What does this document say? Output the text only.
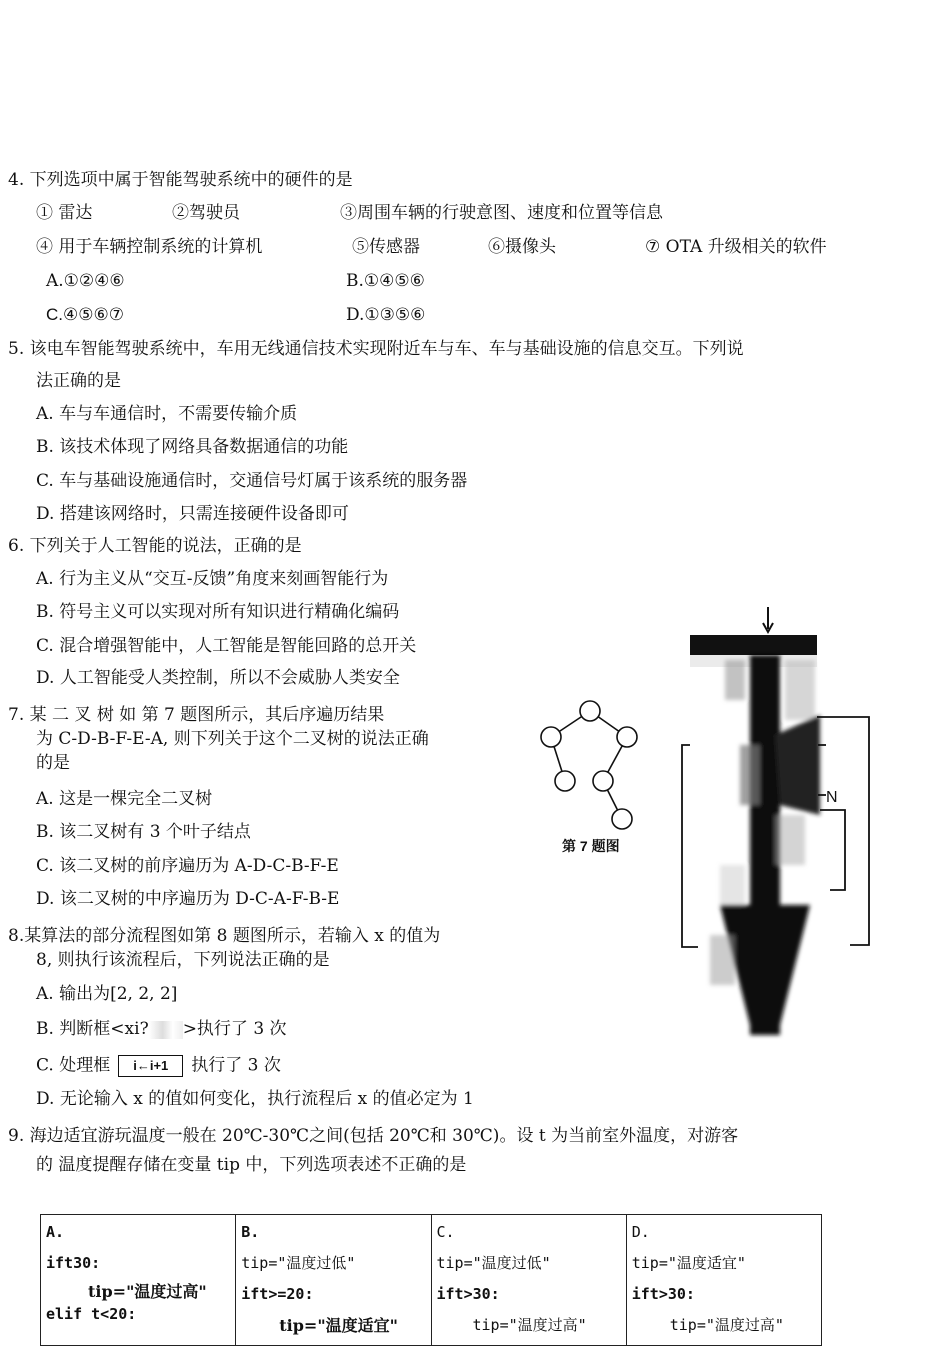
4. 下列选项中属于智能驾驶系统中的硬件的是
① 雷达	②驾驶员	③周围车辆的行驶意图、速度和位置等信息
④ 用于车辆控制系统的计算机	⑤传感器	⑥摄像头	⑦ OTA 升级相关的软件
A.①②④⑥	B.①④⑤⑥
C.④⑤⑥⑦	D.①③⑤⑥
5. 该电车智能驾驶系统中，车用无线通信技术实现附近车与车、车与基础设施的信息交互。下列说
法正确的是
A. 车与车通信时，不需要传输介质
B. 该技术体现了网络具备数据通信的功能
C. 车与基础设施通信时，交通信号灯属于该系统的服务器
D. 搭建该网络时，只需连接硬件设备即可
6. 下列关于人工智能的说法，正确的是
A. 行为主义从“交互-反馈”角度来刻画智能行为
B. 符号主义可以实现对所有知识进行精确化编码
C. 混合增强智能中，人工智能是智能回路的总开关
D. 人工智能受人类控制，所以不会威胁人类安全
7. 某 二 叉 树 如 第 7 题图所示，其后序遍历结果
为 C-D-B-F-E-A, 则下列关于这个二叉树的说法正确
的是
A. 这是一棵完全二叉树
B. 该二叉树有 3 个叶子结点
C. 该二叉树的前序遍历为 A-D-C-B-F-E
D. 该二叉树的中序遍历为 D-C-A-F-B-E
第 7 题图
N
8.某算法的部分流程图如第 8 题图所示，若输入 x 的值为
8, 则执行该流程后，下列说法正确的是
A. 输出为[2, 2, 2]
B. 判断框<xi? >执行了 3 次
C. 处理框 i←i+1 执行了 3 次
D. 无论输入 x 的值如何变化，执行流程后 x 的值必定为 1
9. 海边适宜游玩温度一般在 20℃-30℃之间(包括 20℃和 30℃)。设 t 为当前室外温度，对游客
的 温度提醒存储在变量 tip 中，下列选项表述不正确的是
A.
ift30:
tip="温度过高"
elif t<20:

B.
tip="温度过低"
ift>=20:
tip="温度适宜"

C.
tip="温度过低"
ift>30:
tip="温度过高"

D.
tip="温度适宜"
ift>30:
tip="温度过高"
